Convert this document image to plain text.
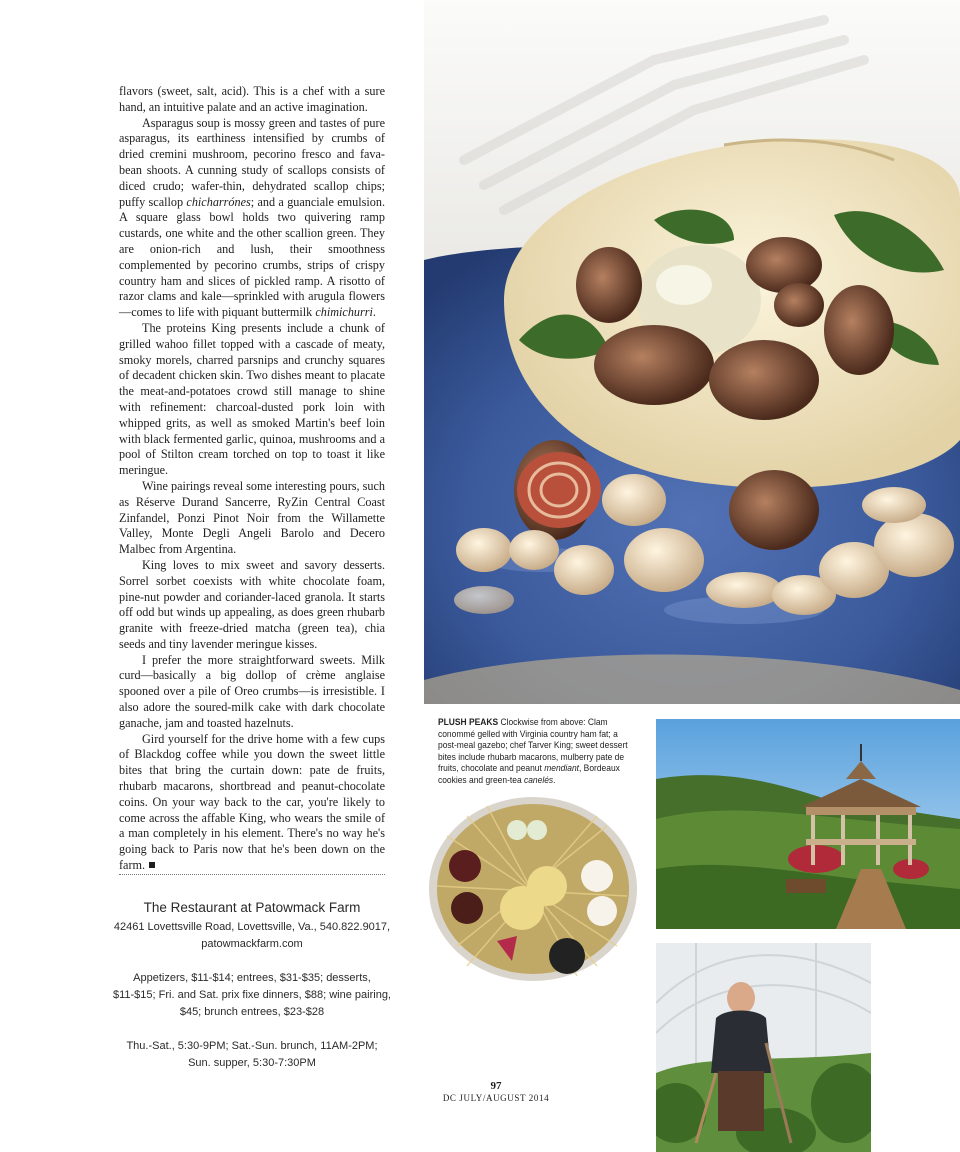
flavors (sweet, salt, acid). This is a chef with a sure hand, an intuitive palate and an active imagination.

Asparagus soup is mossy green and tastes of pure asparagus, its earthiness intensified by crumbs of dried cremini mushroom, pecorino fresco and fava-bean shoots. A cunning study of scallops consists of diced crudo; wafer-thin, dehydrated scallop chips; puffy scallop chicharrónes; and a guanciale emulsion. A square glass bowl holds two quivering ramp custards, one white and the other scallion green. They are onion-rich and lush, their smoothness complemented by pecorino crumbs, strips of crispy country ham and slices of pickled ramp. A risotto of razor clams and kale—sprinkled with arugula flowers—comes to life with piquant buttermilk chimichurri.

The proteins King presents include a chunk of grilled wahoo fillet topped with a cascade of meaty, smoky morels, charred parsnips and crunchy squares of decadent chicken skin. Two dishes meant to placate the meat-and-potatoes crowd still manage to shine with refinement: charcoal-dusted pork loin with whipped grits, as well as smoked Martin's beef loin with black fermented garlic, quinoa, mushrooms and a pool of Stilton cream torched on top to toast it like meringue.

Wine pairings reveal some interesting pours, such as Réserve Durand Sancerre, RyZin Central Coast Zinfandel, Ponzi Pinot Noir from the Willamette Valley, Monte Degli Angeli Barolo and Decero Malbec from Argentina.

King loves to mix sweet and savory desserts. Sorrel sorbet coexists with white chocolate foam, pine-nut powder and coriander-laced granola. It starts off odd but winds up appealing, as does green rhubarb granite with freeze-dried matcha (green tea), chia seeds and tiny lavender meringue kisses.

I prefer the more straightforward sweets. Milk curd—basically a big dollop of crème anglaise spooned over a pile of Oreo crumbs—is irresistible. I also adore the soured-milk cake with dark chocolate ganache, jam and toasted hazelnuts.

Gird yourself for the drive home with a few cups of Blackdog coffee while you down the sweet little bites that bring the curtain down: pate de fruits, rhubarb macarons, shortbread and peanut-chocolate coins. On your way back to the car, you're likely to come across the affable King, who wears the smile of a man completely in his element. There's no way he's going back to Paris now that he's been down on the farm.

The Restaurant at Patowmack Farm
42461 Lovettsville Road, Lovettsville, Va., 540.822.9017,
patowmackfarm.com
Appetizers, $11-$14; entrees, $31-$35; desserts, $11-$15; Fri. and Sat. prix fixe dinners, $88; wine pairing, $45; brunch entrees, $23-$28
Thu.-Sat., 5:30-9PM; Sat.-Sun. brunch, 11AM-2PM;
Sun. supper, 5:30-7:30PM
97
DC JULY/AUGUST 2014
PLUSH PEAKS Clockwise from above: Clam conommé gelled with Virginia country ham fat; a post-meal gazebo; chef Tarver King; sweet dessert bites include rhubarb macarons, mulberry pate de fruits, chocolate and peanut mendiant, Bordeaux cookies and green-tea canelés.
